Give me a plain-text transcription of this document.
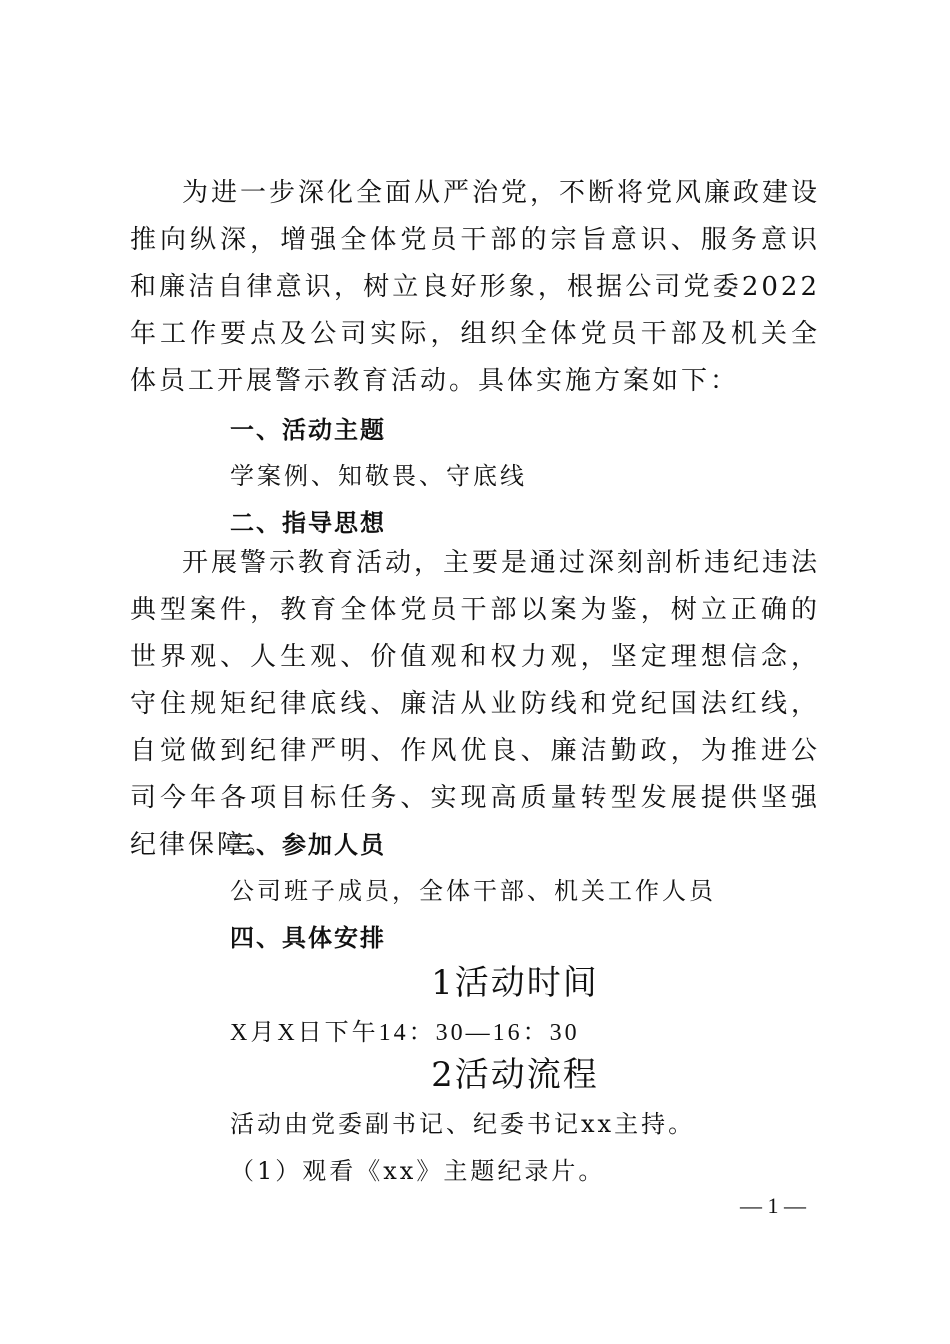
为进一步深化全面从严治党，不断将党风廉政建设推向纵深，增强全体党员干部的宗旨意识、服务意识和廉洁自律意识，树立良好形象，根据公司党委2022年工作要点及公司实际，组织全体党员干部及机关全体员工开展警示教育活动。具体实施方案如下：

一、活动主题
学案例、知敬畏、守底线
二、指导思想

开展警示教育活动，主要是通过深刻剖析违纪违法典型案件，教育全体党员干部以案为鉴，树立正确的世界观、人生观、价值观和权力观，坚定理想信念，守住规矩纪律底线、廉洁从业防线和党纪国法红线，自觉做到纪律严明、作风优良、廉洁勤政，为推进公司今年各项目标任务、实现高质量转型发展提供坚强纪律保障。

三、参加人员
公司班子成员，全体干部、机关工作人员
四、具体安排
1活动时间
X月X日下午14：30—16：30
2活动流程
活动由党委副书记、纪委书记xx主持。
（1）观看《xx》主题纪录片。
— 1 —
